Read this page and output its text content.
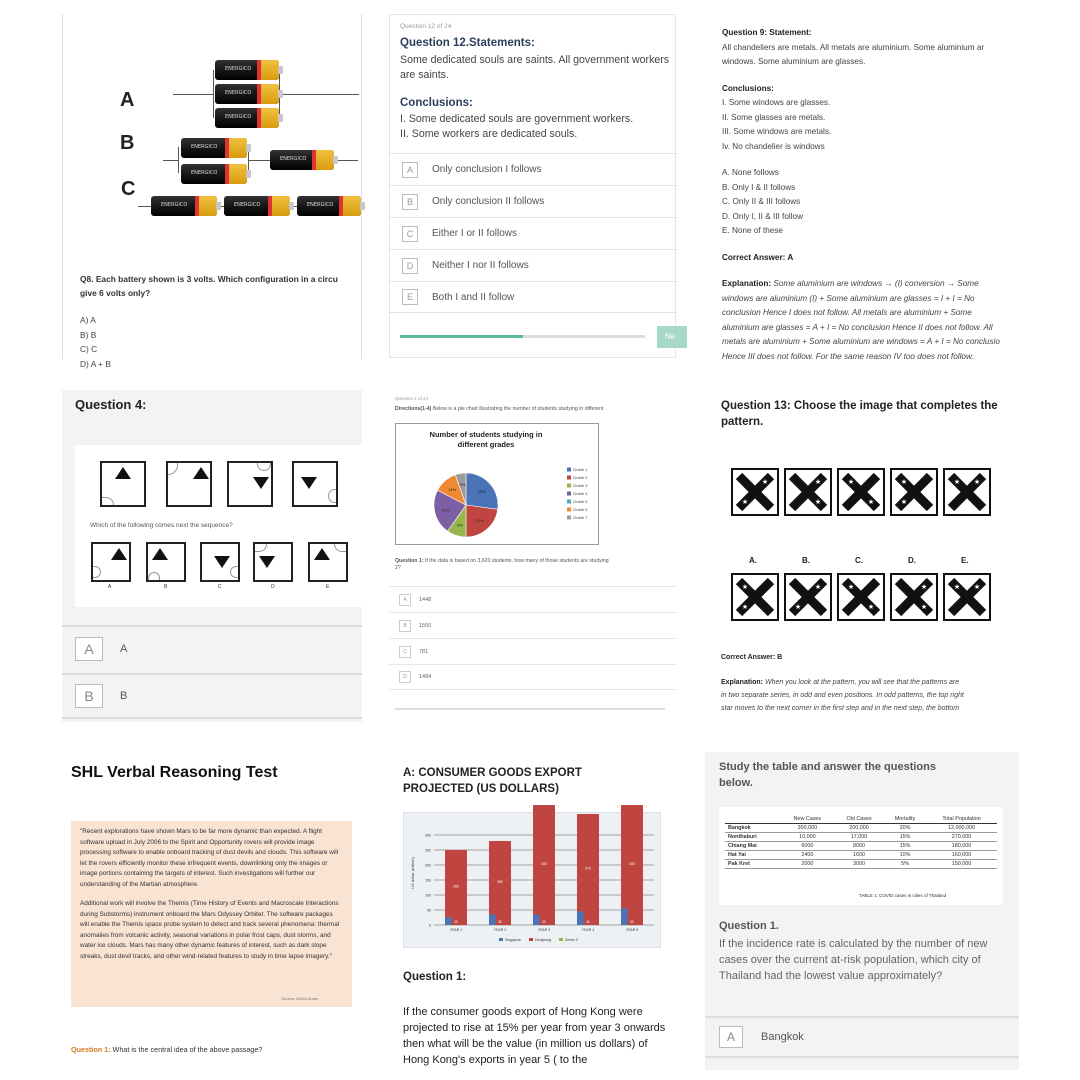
ENERGICO +
ENERGICO +
ENERGICO +
ENERGICO +
ENERGICO +
ENERGICO +
ENERGICO +	ENERGICO +	ENERGICO +
A
B
C
Q8. Each battery shown is 3 volts. Which configuration in a circu
give 6 volts only?
A) A
B) B
C) C
D) A + B
Question 12 of 24
Question 12.Statements:
Some dedicated souls are saints. All government workers are saints.
Conclusions:
I. Some dedicated souls are government workers.
II. Some workers are dedicated souls.
A	Only conclusion I follows
B	Only conclusion II follows
C	Either I or II follows
D	Neither I nor II follows
E	Both I and II follow
Ne
Question 9: Statement:
All chandeliers are metals. All metals are aluminium. Some aluminium ar
windows. Some aluminium are glasses.
Conclusions:
I. Some windows are glasses.
II. Some glasses are metals.
III. Some windows are metals.
Iv. No chandelier is windows
A. None follows
B. Only I & II follows
C. Only II & III follows
D. Only I, II & III follow
E. None of these
Correct Answer: A
Explanation: Some aluminium are windows → (I) conversion → Some
windows are aluminium (I) + Some aluminium are glasses = I + I = No
conclusion Hence I does not follow. All metals are aluminium + Some
aluminium are glasses = A + I = No conclusion Hence II does not follow. All
metals are aluminium + Some aluminium are windows = A + I = No conclusio
Hence III does not follow. For the same reason IV too does not follow.
Question 4:
Which of the following comes next the sequence?
A	B	C	D	E
A	A
B	B
Question 1 of 24
Directions(1-4) Below is a pie chart illustrating the number of students studying in different
Number of students studying in different grades
25%
21%
9%
21%
11%
5%
Grade 1
Grade 2
Grade 3
Grade 4
Grade 5
Grade 6
Grade 7
Question 1: If the data is based on 3,620 students, how many of those students are studying
2?
A	1448
B	1550
C	781
D	1484
Question 13: Choose the image that completes the pattern.
★
★
★
★
★
★
★
★
★ ★
A.	B.	C.	D.	E.
★
★
★
★
★
★
★
★
★ ★
Correct Answer: B
Explanation: When you look at the pattern, you will see that the patterns are
in two separate series, in odd and even positions. In odd patterns, the top right
star moves to the next corner in the first step and in the next step, the bottom
SHL Verbal Reasoning Test
"Recent explorations have shown Mars to be far more dynamic than expected. A flight software upload in July 2006 to the Spirit and Opportunity rovers will provide image processing software to enable onboard tracking of dust devils and clouds. This software will let the rovers efficiently monitor these infrequent events, downlinking only the images or image portions containing the targets of interest. Such investigations will further our understanding of the Martian atmosphere.
Additional work will involve the Themis (Time History of Events and Macroscale Interactions during Substorms) instrument onboard the Mars Odyssey Orbiter. The software packages will enable the Themis space probe system to detect and track several phenomena: thermal anomalies from volcanic activity, seasonal variations in polar frost caps, dust storms, and water ice clouds. Mars has many other dynamic features of interest, such as dark slope streaks, dust devil tracks, and other wind-related features to study in time lapse imagery."
Source: NASA Ames
Question 1: What is the central idea of the above passage?
A: CONSUMER GOODS EXPORT PROJECTED (US DOLLARS)
US dollar (million)
0
50
100
150
200
250
300
250
25
YEAR 1
280
35
YEAR 2
400
35
YEAR 3
370
45
YEAR 4
400
55
YEAR 5
Singapore	Hongkong	Series 3
Question 1:
If the consumer goods export of Hong Kong were projected to rise at 15% per year from year 3 onwards then what will be the value (in million us dollars) of Hong Kong's exports in year 5 ( to the
Study the table and answer the questions below.
	New Cases	Old Cases	Mortality	Total Population
Bangkok	300,000	200,000	20%	12,000,000
Nonthaburi	10,000	17,000	15%	270,000
Chiang Mai	6000	8000	15%	180,000
Hat Yai	2400	1600	10%	160,000
Pak Kret	2000	3000	5%	150,000
TABLE 1: COVID cases in cities of Thailand
Question 1.
If the incidence rate is calculated by the number of new cases over the current at-risk population, which city of Thailand had the lowest value approximately?
A	Bangkok
